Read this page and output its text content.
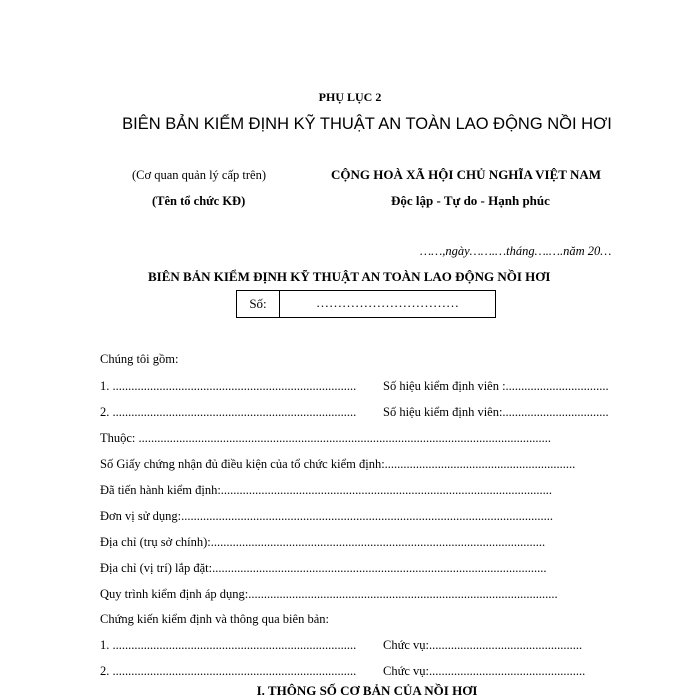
PHỤ LỤC 2
BIÊN BẢN KIỂM ĐỊNH KỸ THUẬT AN TOÀN LAO ĐỘNG NỒI HƠI
(Cơ quan quản lý cấp trên)
(Tên tổ chức KĐ)
CỘNG HOÀ XÃ HỘI CHỦ NGHĨA VIỆT NAM
Độc lập - Tự do - Hạnh phúc
……,ngày…….…tháng….….năm 20…
BIÊN BẢN KIỂM ĐỊNH KỸ THUẬT AN TOÀN LAO ĐỘNG NỒI HƠI
Số:	……………………………
Chúng tôi gồm:
1. ..............................................................................	Số hiệu kiểm định viên :.................................
2. ..............................................................................	Số hiệu kiểm định viên:..................................
Thuộc: ....................................................................................................................................
Số Giấy chứng nhận đủ điều kiện của tổ chức kiểm định:.............................................................
Đã tiến hành kiểm định:..........................................................................................................
Đơn vị sử dụng:.......................................................................................................................
Địa chỉ (trụ sở chính):...........................................................................................................
Địa chỉ (vị trí) lắp đặt:...........................................................................................................
Quy trình kiểm định áp dụng:...................................................................................................
Chứng kiến kiểm định và thông qua biên bản:
1. ..............................................................................	Chức vụ:.................................................
2. ..............................................................................	Chức vụ:..................................................
I. THÔNG SỐ CƠ BẢN CỦA NỒI HƠI
